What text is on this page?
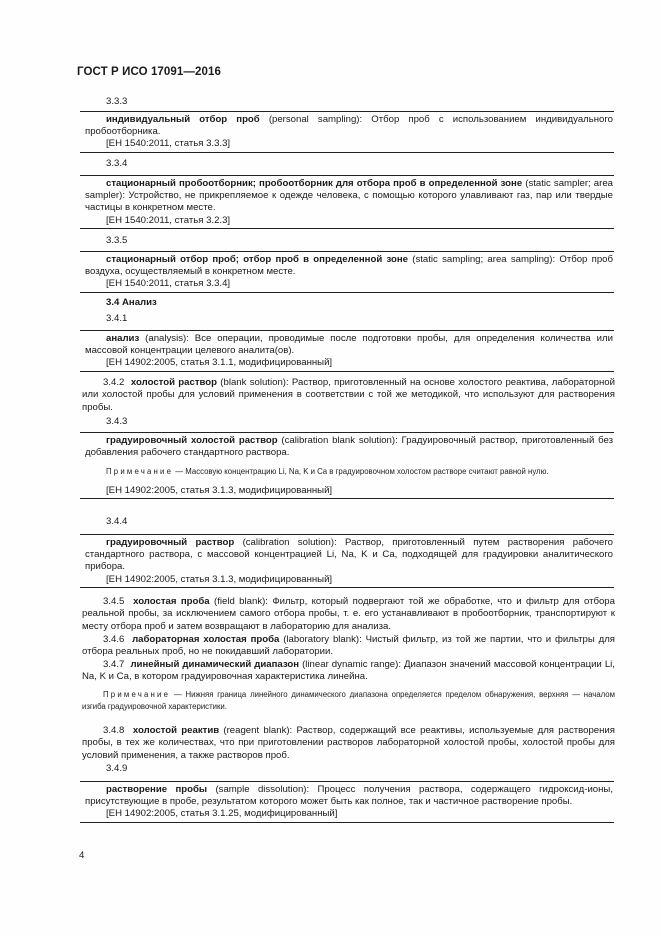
ГОСТ Р ИСО 17091—2016
3.3.3

индивидуальный отбор проб (personal sampling): Отбор проб с использованием индивидуального пробоотборника.

[ЕН 1540:2011, статья 3.3.3]

3.3.4

стационарный пробоотборник; пробоотборник для отбора проб в определенной зоне (static sampler; area sampler): Устройство, не прикрепляемое к одежде человека, с помощью которого улавливают газ, пар или твердые частицы в конкретном месте.

[ЕН 1540:2011, статья 3.2.3]

3.3.5

стационарный отбор проб; отбор проб в определенной зоне (static sampling; area sampling): Отбор проб воздуха, осуществляемый в конкретном месте.

[ЕН 1540:2011, статья 3.3.4]

3.4 Анализ
3.4.1

анализ (analysis): Все операции, проводимые после подготовки пробы, для определения количества или массовой концентрации целевого аналита(ов).

[ЕН 14902:2005, статья 3.1.1, модифицированный]

3.4.2 холостой раствор (blank solution): Раствор, приготовленный на основе холостого реактива, лабораторной или холостой пробы для условий применения в соответствии с той же методикой, что используют для растворения пробы.

3.4.3

градуировочный холостой раствор (calibration blank solution): Градуировочный раствор, приготовленный без добавления рабочего стандартного раствора.

Примечание — Массовую концентрацию Li, Na, K и Ca в градуировочном холостом растворе считают равной нулю.

[ЕН 14902:2005, статья 3.1.3, модифицированный]

3.4.4

градуировочный раствор (calibration solution): Раствор, приготовленный путем растворения рабочего стандартного раствора, с массовой концентрацией Li, Na, K и Ca, подходящей для градуировки аналитического прибора.

[ЕН 14902:2005, статья 3.1.3, модифицированный]

3.4.5 холостая проба (field blank): Фильтр, который подвергают той же обработке, что и фильтр для отбора реальной пробы, за исключением самого отбора пробы, т. е. его устанавливают в пробоотборник, транспортируют к месту отбора проб и затем возвращают в лабораторию для анализа.

3.4.6 лабораторная холостая проба (laboratory blank): Чистый фильтр, из той же партии, что и фильтры для отбора реальных проб, но не покидавший лаборатории.

3.4.7 линейный динамический диапазон (linear dynamic range): Диапазон значений массовой концентрации Li, Na, K и Ca, в котором градуировочная характеристика линейна.

Примечание — Нижняя граница линейного динамического диапазона определяется пределом обнаружения, верхняя — началом изгиба градуировочной характеристики.

3.4.8 холостой реактив (reagent blank): Раствор, содержащий все реактивы, используемые для растворения пробы, в тех же количествах, что при приготовлении растворов лабораторной холостой пробы, холостой пробы для условий применения, а также растворов проб.

3.4.9

растворение пробы (sample dissolution): Процесс получения раствора, содержащего гидроксид-ионы, присутствующие в пробе, результатом которого может быть как полное, так и частичное растворение пробы.

[ЕН 14902:2005, статья 3.1.25, модифицированный]

4
